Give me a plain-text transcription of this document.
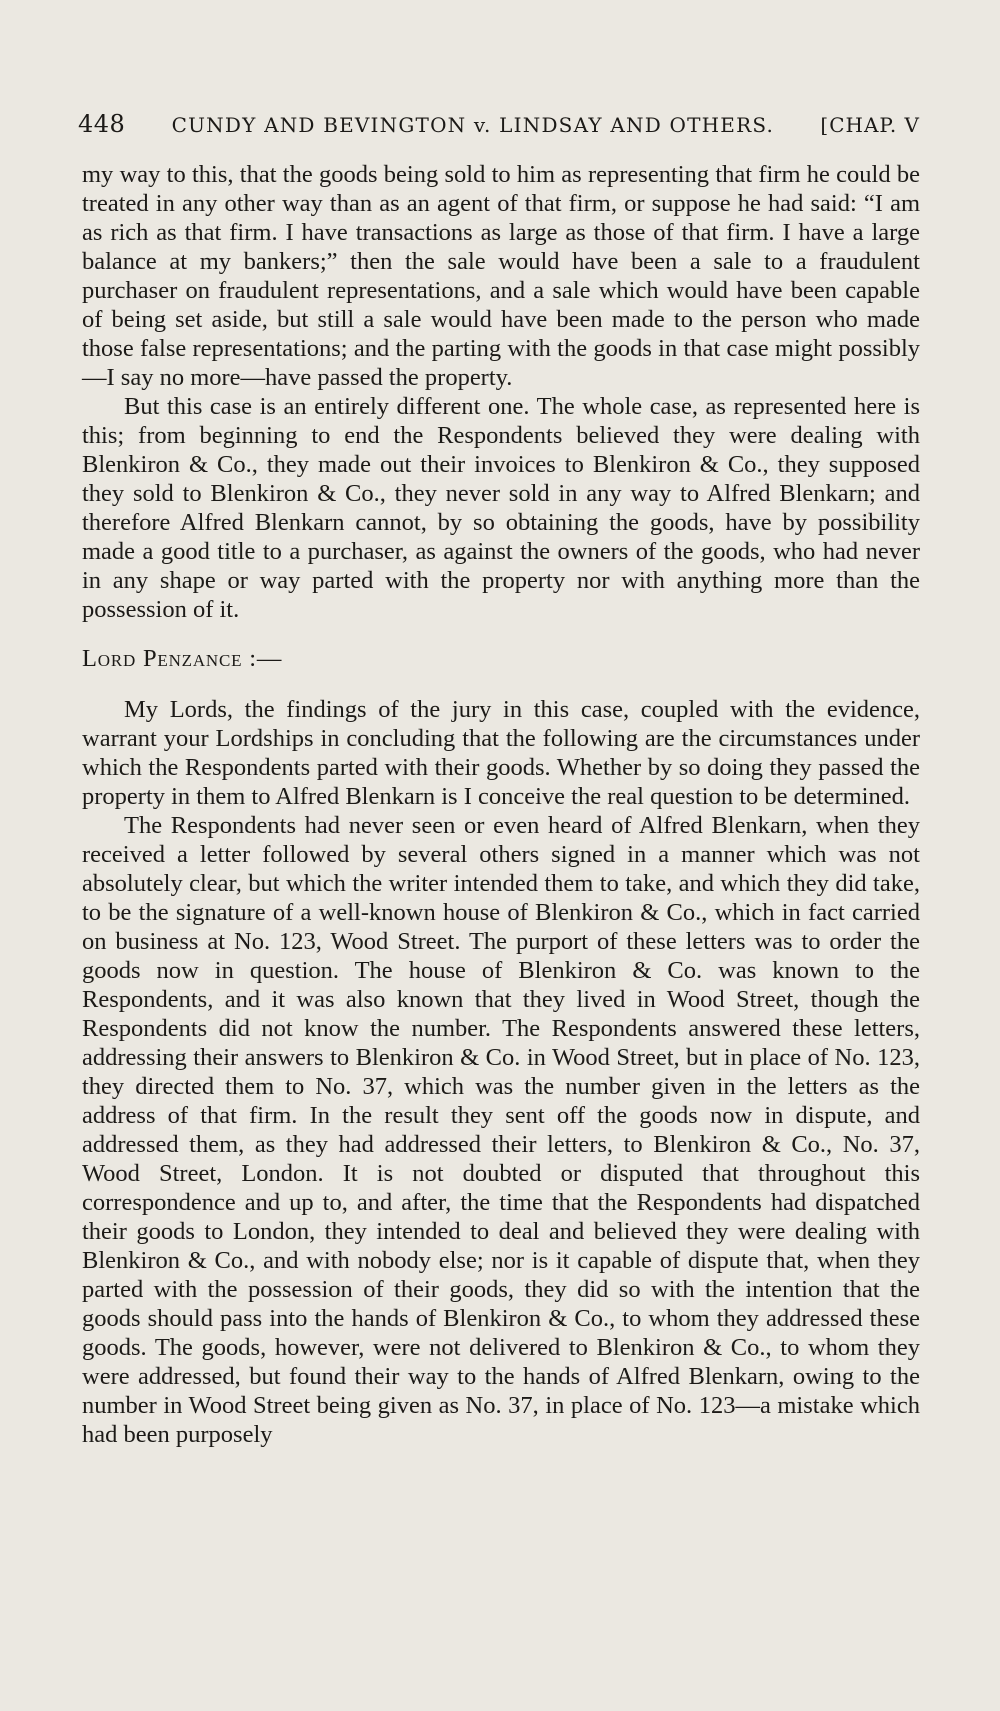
448 CUNDY AND BEVINGTON v. LINDSAY AND OTHERS. [CHAP. V

my way to this, that the goods being sold to him as representing that firm he could be treated in any other way than as an agent of that firm, or suppose he had said: “I am as rich as that firm. I have transactions as large as those of that firm. I have a large balance at my bankers;” then the sale would have been a sale to a fraudulent purchaser on fraudulent representations, and a sale which would have been capable of being set aside, but still a sale would have been made to the person who made those false representations; and the parting with the goods in that case might possibly —I say no more—have passed the property.

But this case is an entirely different one. The whole case, as represented here is this; from beginning to end the Respondents believed they were dealing with Blenkiron & Co., they made out their invoices to Blenkiron & Co., they supposed they sold to Blenkiron & Co., they never sold in any way to Alfred Blenkarn; and therefore Alfred Blenkarn cannot, by so obtaining the goods, have by possibility made a good title to a purchaser, as against the owners of the goods, who had never in any shape or way parted with the property nor with anything more than the possession of it.

Lord Penzance :—

My Lords, the findings of the jury in this case, coupled with the evidence, warrant your Lordships in concluding that the following are the circumstances under which the Respondents parted with their goods. Whether by so doing they passed the property in them to Alfred Blenkarn is I conceive the real question to be determined.

The Respondents had never seen or even heard of Alfred Blenkarn, when they received a letter followed by several others signed in a manner which was not absolutely clear, but which the writer intended them to take, and which they did take, to be the signature of a well-known house of Blenkiron & Co., which in fact carried on business at No. 123, Wood Street. The purport of these letters was to order the goods now in question. The house of Blenkiron & Co. was known to the Respondents, and it was also known that they lived in Wood Street, though the Respondents did not know the number. The Respondents answered these letters, addressing their answers to Blenkiron & Co. in Wood Street, but in place of No. 123, they directed them to No. 37, which was the number given in the letters as the address of that firm. In the result they sent off the goods now in dispute, and addressed them, as they had addressed their letters, to Blenkiron & Co., No. 37, Wood Street, London. It is not doubted or disputed that throughout this correspondence and up to, and after, the time that the Respondents had dispatched their goods to London, they intended to deal and believed they were dealing with Blenkiron & Co., and with nobody else; nor is it capable of dispute that, when they parted with the possession of their goods, they did so with the intention that the goods should pass into the hands of Blenkiron & Co., to whom they addressed these goods. The goods, however, were not delivered to Blenkiron & Co., to whom they were addressed, but found their way to the hands of Alfred Blenkarn, owing to the number in Wood Street being given as No. 37, in place of No. 123—a mistake which had been purposely
